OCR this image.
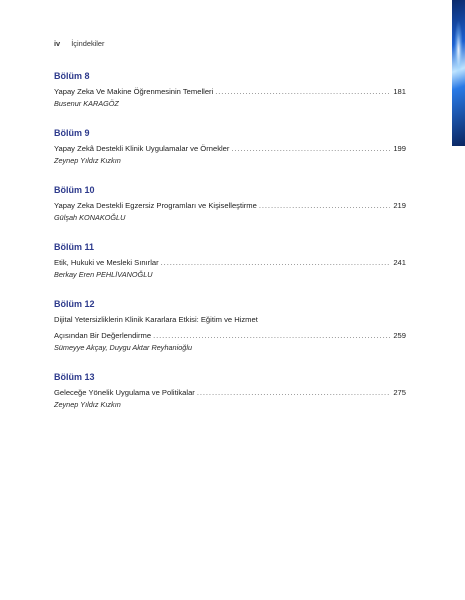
iv İçindekiler
Bölüm 8
Yapay Zeka Ve Makine Öğrenmesinin Temelleri . . .	181
Busenur KARAGÖZ
Bölüm 9
Yapay Zekâ Destekli Klinik Uygulamalar ve Örnekler . . .	199
Zeynep Yıldız Kızkın
Bölüm 10
Yapay Zeka Destekli Egzersiz Programları ve Kişiselleştirme . . .	219
Gülşah KONAKOĞLU
Bölüm 11
Etik, Hukuki ve Mesleki Sınırlar . . .	241
Berkay Eren PEHLİVANOĞLU
Bölüm 12
Dijital Yetersizliklerin Klinik Kararlara Etkisi: Eğitim ve Hizmet
Açısından Bir Değerlendirme . . .	259
Sümeyye Akçay, Duygu Aktar Reyhanioğlu
Bölüm 13
Geleceğe Yönelik Uygulama ve Politikalar . . .	275
Zeynep Yıldız Kızkın
